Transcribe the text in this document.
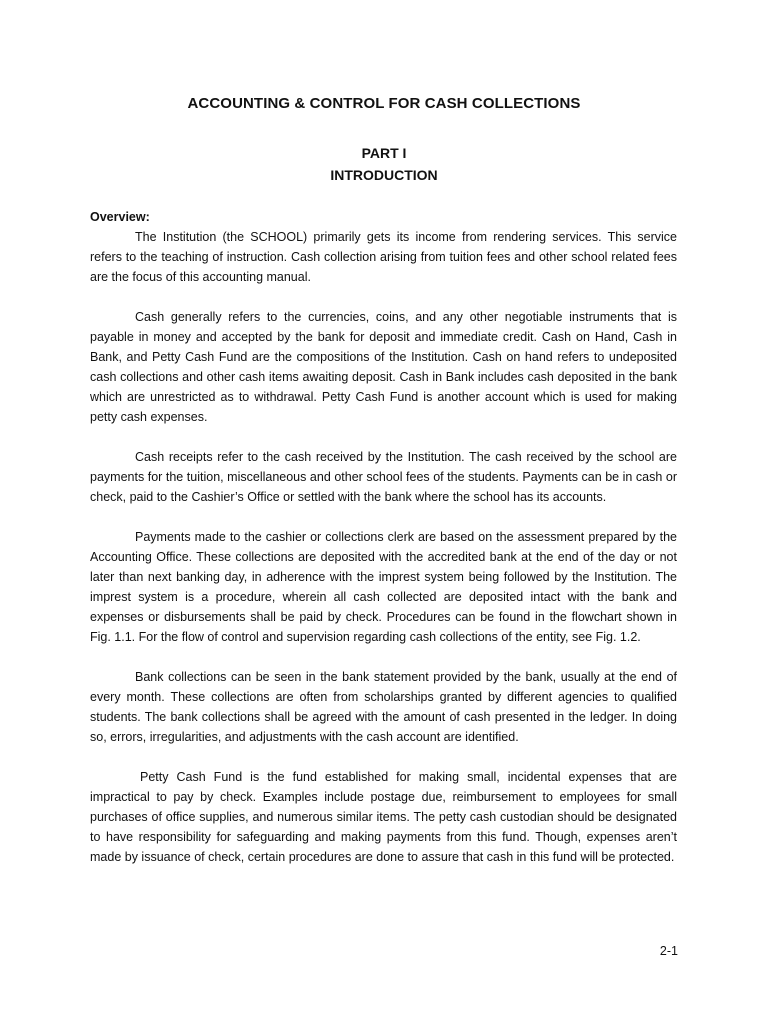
ACCOUNTING & CONTROL FOR CASH COLLECTIONS
PART I
INTRODUCTION

Overview:

The Institution (the SCHOOL) primarily gets its income from rendering services. This service refers to the teaching of instruction. Cash collection arising from tuition fees and other school related fees are the focus of this accounting manual.

Cash generally refers to the currencies, coins, and any other negotiable instruments that is payable in money and accepted by the bank for deposit and immediate credit. Cash on Hand, Cash in Bank, and Petty Cash Fund are the compositions of the Institution. Cash on hand refers to undeposited cash collections and other cash items awaiting deposit. Cash in Bank includes cash deposited in the bank which are unrestricted as to withdrawal. Petty Cash Fund is another account which is used for making petty cash expenses.

Cash receipts refer to the cash received by the Institution. The cash received by the school are payments for the tuition, miscellaneous and other school fees of the students. Payments can be in cash or check, paid to the Cashier’s Office or settled with the bank where the school has its accounts.

Payments made to the cashier or collections clerk are based on the assessment prepared by the Accounting Office. These collections are deposited with the accredited bank at the end of the day or not later than next banking day, in adherence with the imprest system being followed by the Institution. The imprest system is a procedure, wherein all cash collected are deposited intact with the bank and expenses or disbursements shall be paid by check. Procedures can be found in the flowchart shown in Fig. 1.1. For the flow of control and supervision regarding cash collections of the entity, see Fig. 1.2.

Bank collections can be seen in the bank statement provided by the bank, usually at the end of every month. These collections are often from scholarships granted by different agencies to qualified students. The bank collections shall be agreed with the amount of cash presented in the ledger. In doing so, errors, irregularities, and adjustments with the cash account are identified.

Petty Cash Fund is the fund established for making small, incidental expenses that are impractical to pay by check. Examples include postage due, reimbursement to employees for small purchases of office supplies, and numerous similar items. The petty cash custodian should be designated to have responsibility for safeguarding and making payments from this fund. Though, expenses aren’t made by issuance of check, certain procedures are done to assure that cash in this fund will be protected.

2-1
